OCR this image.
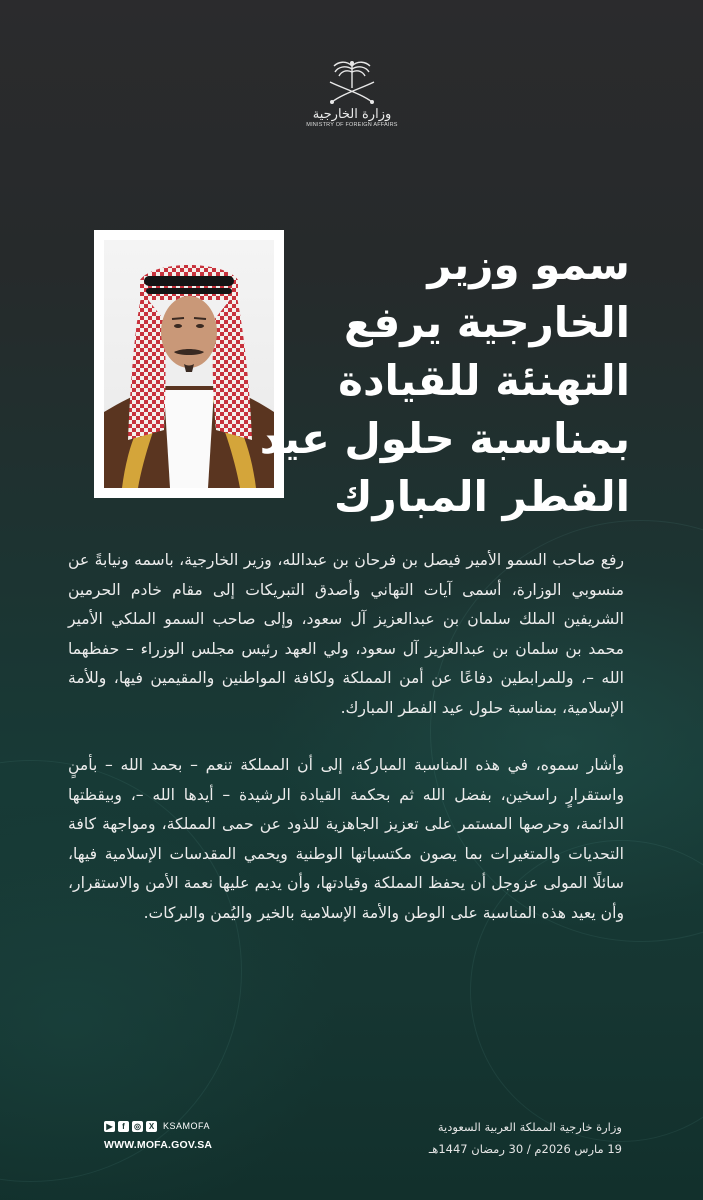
وزارة الخارجية
MINISTRY OF FOREIGN AFFAIRS
سمو وزير
الخارجية يرفع
التهنئة للقيادة
بمناسبة حلول عيد
الفطر المبارك

رفع صاحب السمو الأمير فيصل بن فرحان بن عبدالله، وزير الخارجية، باسمه ونيابةً عن منسوبي الوزارة، أسمى آيات التهاني وأصدق التبريكات إلى مقام خادم الحرمين الشريفين الملك سلمان بن عبدالعزيز آل سعود، وإلى صاحب السمو الملكي الأمير محمد بن سلمان بن عبدالعزيز آل سعود، ولي العهد رئيس مجلس الوزراء – حفظهما الله –، وللمرابطين دفاعًا عن أمن المملكة ولكافة المواطنين والمقيمين فيها، وللأمة الإسلامية، بمناسبة حلول عيد الفطر المبارك.

وأشار سموه، في هذه المناسبة المباركة، إلى أن المملكة تنعم – بحمد الله – بأمنٍ واستقرارٍ راسخين، بفضل الله ثم بحكمة القيادة الرشيدة – أيدها الله –، وبيقظتها الدائمة، وحرصها المستمر على تعزيز الجاهزية للذود عن حمى المملكة، ومواجهة كافة التحديات والمتغيرات بما يصون مكتسباتها الوطنية ويحمي المقدسات الإسلامية فيها، سائلًا المولى عزوجل أن يحفظ المملكة وقيادتها، وأن يديم عليها نعمة الأمن والاستقرار، وأن يعيد هذه المناسبة على الوطن والأمة الإسلامية بالخير واليُمن والبركات.

▶	f	◎ X KSAMOFA
WWW.MOFA.GOV.SA
وزارة خارجية المملكة العربية السعودية
19 مارس 2026م / 30 رمضان 1447هـ
